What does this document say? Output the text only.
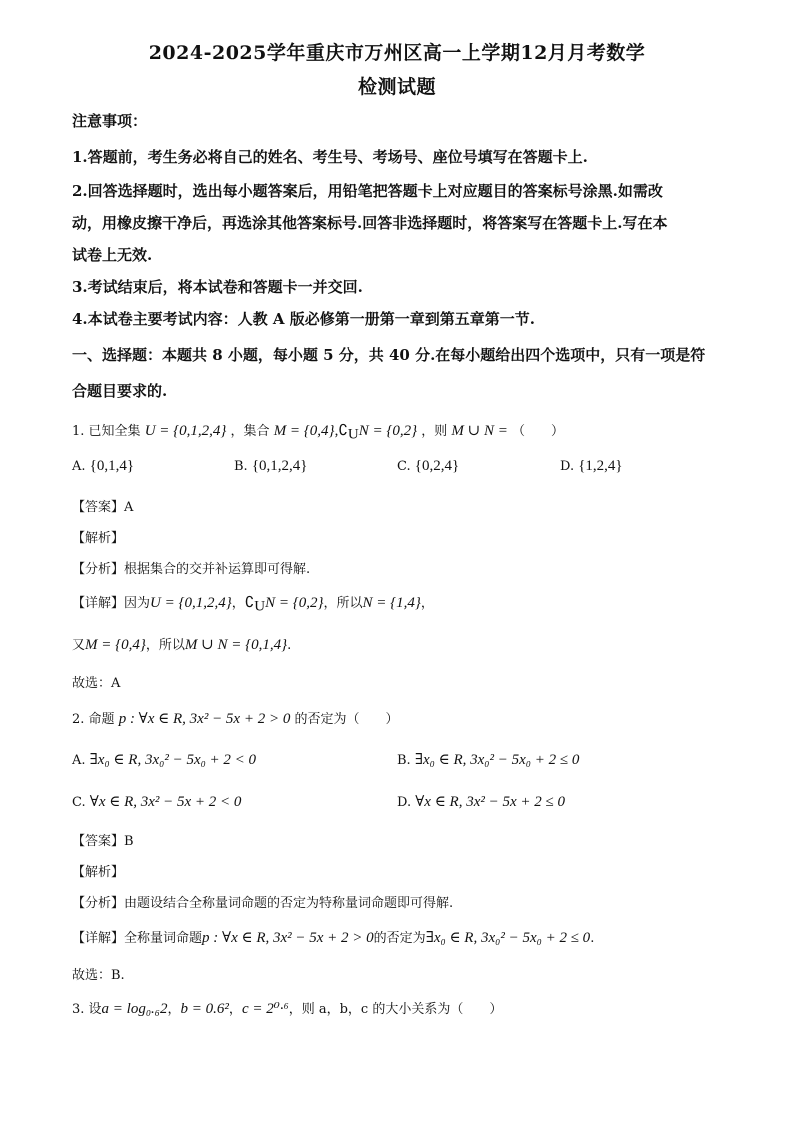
2024-2025学年重庆市万州区高一上学期12月月考数学
检测试题
注意事项：
1.答题前，考生务必将自己的姓名、考生号、考场号、座位号填写在答题卡上.
2.回答选择题时，选出每小题答案后，用铅笔把答题卡上对应题目的答案标号涂黑.如需改
动，用橡皮擦干净后，再选涂其他答案标号.回答非选择题时，将答案写在答题卡上.写在本
试卷上无效.
3.考试结束后，将本试卷和答题卡一并交回.
4.本试卷主要考试内容：人教 A 版必修第一册第一章到第五章第一节.
一、选择题：本题共 8 小题，每小题 5 分，共 40 分.在每小题给出四个选项中，只有一项是符
合题目要求的.
1. 已知全集 U = {0,1,2,4} ，集合 $M = \{0,4\},∁_UN = \{0,2\}$ ，则 M ∪ N = （　　）
A. {0,1,4}	B. {0,1,2,4}	C. {0,2,4}	D. {1,2,4}
【答案】A
【解析】
【分析】根据集合的交并补运算即可得解.
【详解】因为U = {0,1,2,4}，$∁_UN = \{0,2\}$，所以N = {1,4}，
又M = {0,4}，所以M ∪ N = {0,1,4}.
故选：A
2. 命题 p : ∀x ∈ R, 3x² − 5x + 2 > 0 的否定为（　　）
A. ∃x₀ ∈ R, 3x₀² − 5x₀ + 2 < 0	B. ∃x₀ ∈ R, 3x₀² − 5x₀ + 2 ≤ 0
C. ∀x ∈ R, 3x² − 5x + 2 < 0	D. ∀x ∈ R, 3x² − 5x + 2 ≤ 0
【答案】B
【解析】
【分析】由题设结合全称量词命题的否定为特称量词命题即可得解.
【详解】全称量词命题p : ∀x ∈ R, 3x² − 5x + 2 > 0的否定为∃x₀ ∈ R, 3x₀² − 5x₀ + 2 ≤ 0.
故选：B.
3. 设a = log₀.₆2，b = 0.6²，c = 2⁰·⁶，则 a，b，c 的大小关系为（　　）
